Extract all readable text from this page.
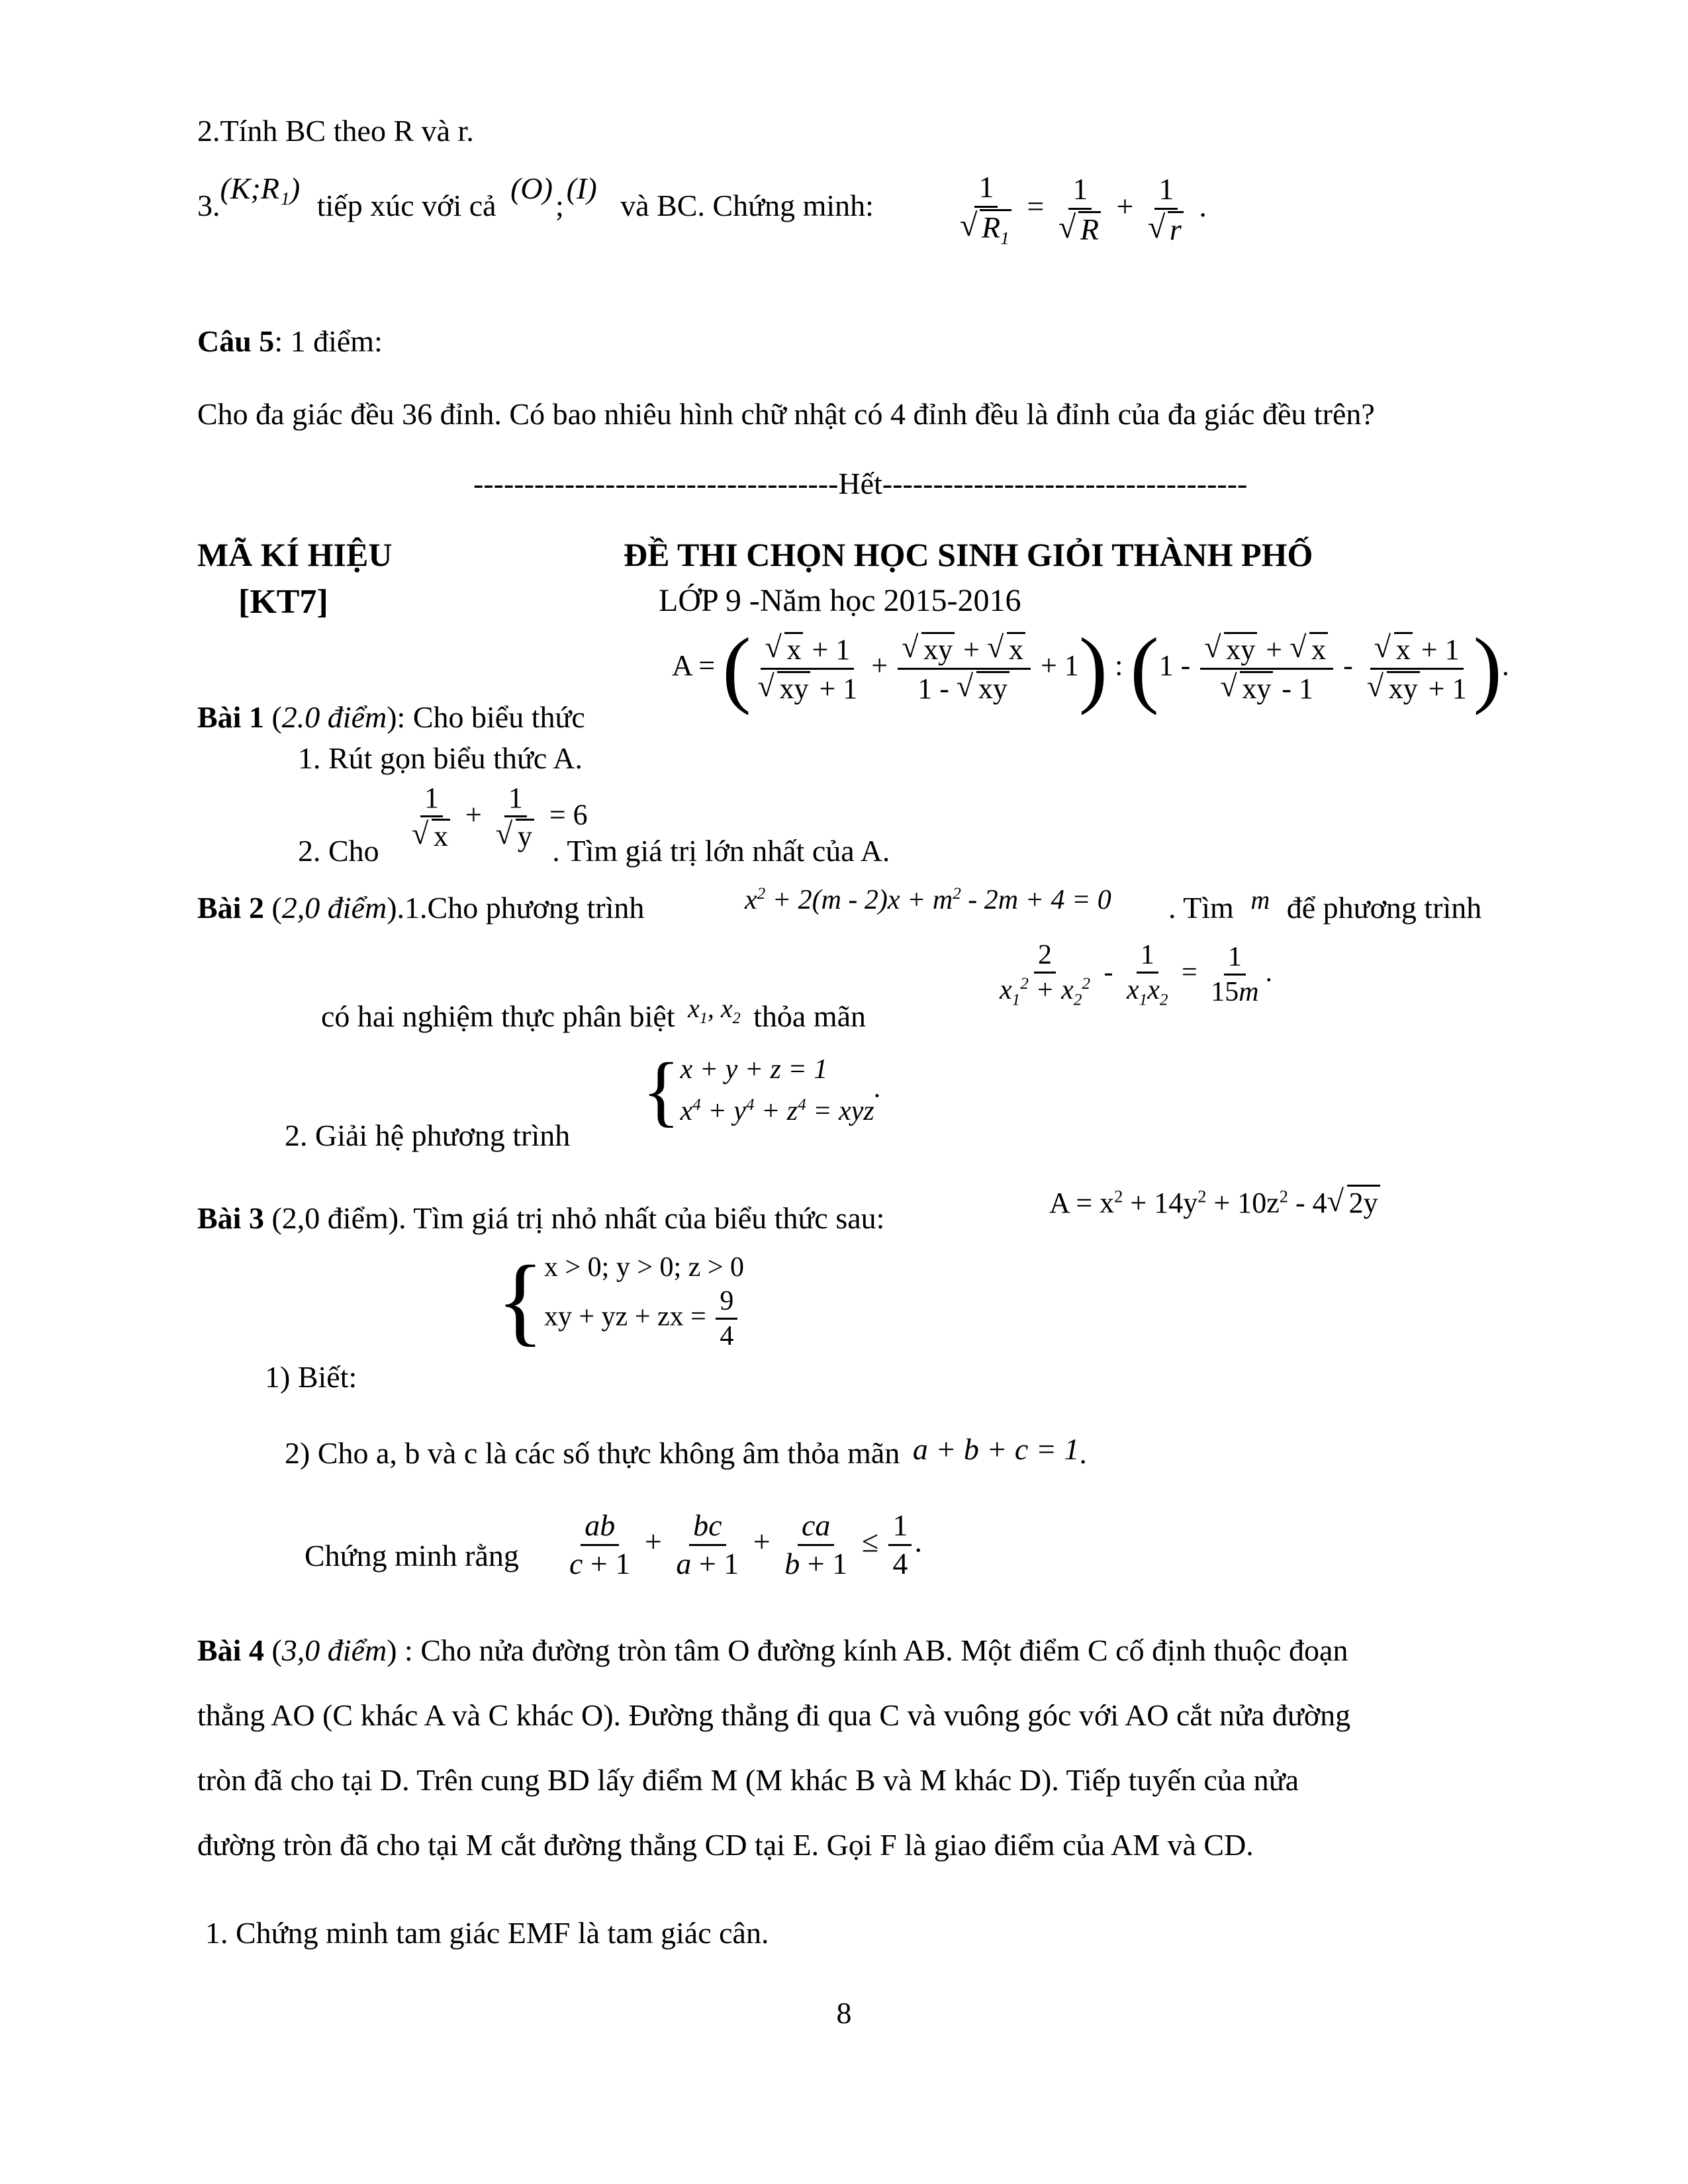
2.Tính BC theo R và r.
3.(K;R₁) tiếp xúc với cả (O);(I) và BC. Chứng minh:	1
√ $R_1 = 1$
√ R + 1
√ r .
Câu 5: 1 điểm:
Cho đa giác đều 36 đỉnh. Có bao nhiêu hình chữ nhật có 4 đỉnh đều là đỉnh của đa giác đều trên?
------------------------------------Hết------------------------------------
MÃ KÍ HIỆU
[KT7]
ĐỀ THI CHỌN HỌC SINH GIỎI THÀNH PHỐ
LỚP 9 -Năm học 2015-2016
A = (
√ x + 1
√ xy + 1 +
√ $\frac{xy + √ x}{1 - √ xy} + 1$) : (1 -
√ xy + √ x
√ xy - 1 -
√ x + 1
√ xy + 1 ).
Bài 1 (2.0 điểm): Cho biểu thức
1. Rút gọn biểu thức A.
1
√ x + 1
√ y = 6
2. Cho	. Tìm giá trị lớn nhất của A.
Bài 2 (2,0 điểm).1.Cho phương trình	$x^2 + 2(m - 2)x + m^2 - 2m + 4 = 0$ . Tìm m để phương trình
$\frac{2}{x_1^2 + x_2^2} - \frac{1}{x_1x_2} = \frac{1}{15m}$ .
có hai nghiệm thực phân biệt $x_1$, $x_2$ thỏa mãn
2. Giải hệ phương trình
{ x + y + z = 1
$x^4 + y^4 + z^4$ = xyz
.
Bài 3 (2,0 điểm). Tìm giá trị nhỏ nhất của biểu thức sau:	$A = x^2 + 14y^2 + 10z^2 - 4√$ 2y
{ x > 0; y > 0; z > 0
xy + yz + zx = $\frac{9}{4}$
1) Biết:
2) Cho a, b và c là các số thực không âm thỏa mãn a + b + c = 1.
Chứng minh rằng $\frac{ab}{c + 1} + \frac{bc}{a + 1} + \frac{ca}{b + 1} \le \frac{1}{4}$ .
Bài 4 (3,0 điểm) : Cho nửa đường tròn tâm O đường kính AB. Một điểm C cố định thuộc đoạn
thẳng AO (C khác A và C khác O). Đường thẳng đi qua C và vuông góc với AO cắt nửa đường
tròn đã cho tại D. Trên cung BD lấy điểm M (M khác B và M khác D). Tiếp tuyến của nửa
đường tròn đã cho tại M cắt đường thẳng CD tại E. Gọi F là giao điểm của AM và CD.
1. Chứng minh tam giác EMF là tam giác cân.
8
